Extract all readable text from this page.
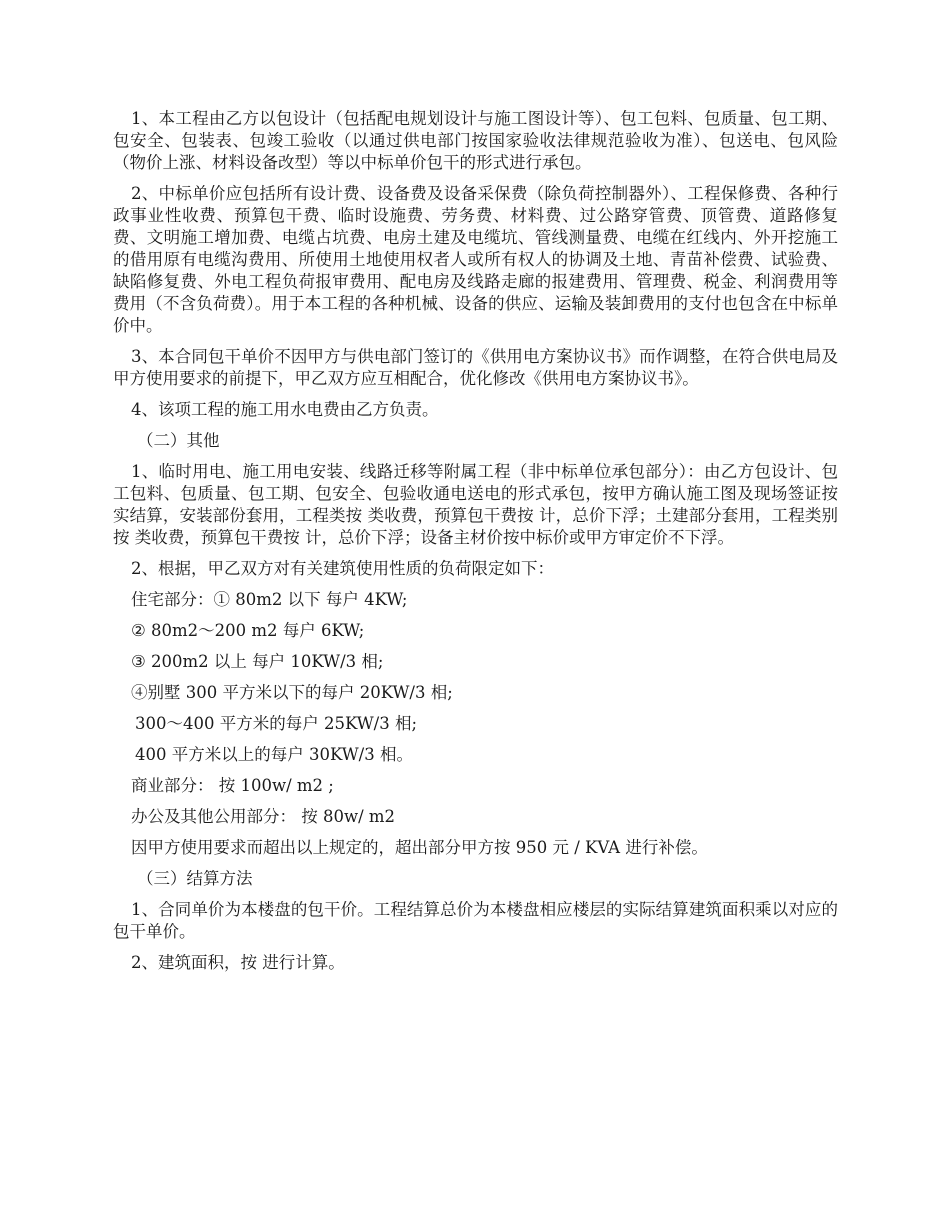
1、本工程由乙方以包设计（包括配电规划设计与施工图设计等）、包工包料、包质量、包工期、包安全、包装表、包竣工验收（以通过供电部门按国家验收法律规范验收为准）、包送电、包风险（物价上涨、材料设备改型）等以中标单价包干的形式进行承包。

2、中标单价应包括所有设计费、设备费及设备采保费（除负荷控制器外）、工程保修费、各种行政事业性收费、预算包干费、临时设施费、劳务费、材料费、过公路穿管费、顶管费、道路修复费、文明施工增加费、电缆占坑费、电房土建及电缆坑、管线测量费、电缆在红线内、外开挖施工的借用原有电缆沟费用、所使用土地使用权者人或所有权人的协调及土地、青苗补偿费、试验费、缺陷修复费、外电工程负荷报审费用、配电房及线路走廊的报建费用、管理费、税金、利润费用等费用（不含负荷费）。用于本工程的各种机械、设备的供应、运输及装卸费用的支付也包含在中标单价中。

3、本合同包干单价不因甲方与供电部门签订的《供用电方案协议书》而作调整，在符合供电局及甲方使用要求的前提下，甲乙双方应互相配合，优化修改《供用电方案协议书》。

4、该项工程的施工用水电费由乙方负责。

（二）其他

1、临时用电、施工用电安装、线路迁移等附属工程（非中标单位承包部分）：由乙方包设计、包工包料、包质量、包工期、包安全、包验收通电送电的形式承包，按甲方确认施工图及现场签证按实结算，安装部份套用，工程类按 类收费，预算包干费按 计，总价下浮；土建部分套用，工程类别按 类收费，预算包干费按 计，总价下浮；设备主材价按中标价或甲方审定价不下浮。

2、根据，甲乙双方对有关建筑使用性质的负荷限定如下：

住宅部分：① 80m2 以下 每户 4KW;

② 80m2～200 m2 每户 6KW;

③ 200m2 以上 每户 10KW/3 相;

④别墅 300 平方米以下的每户 20KW/3 相;

300～400 平方米的每户 25KW/3 相;

400 平方米以上的每户 30KW/3 相。

商业部分： 按 100w/ m2 ;

办公及其他公用部分： 按 80w/ m2

因甲方使用要求而超出以上规定的，超出部分甲方按 950 元 / KVA 进行补偿。

（三）结算方法

1、合同单价为本楼盘的包干价。工程结算总价为本楼盘相应楼层的实际结算建筑面积乘以对应的包干单价。

2、建筑面积，按 进行计算。
